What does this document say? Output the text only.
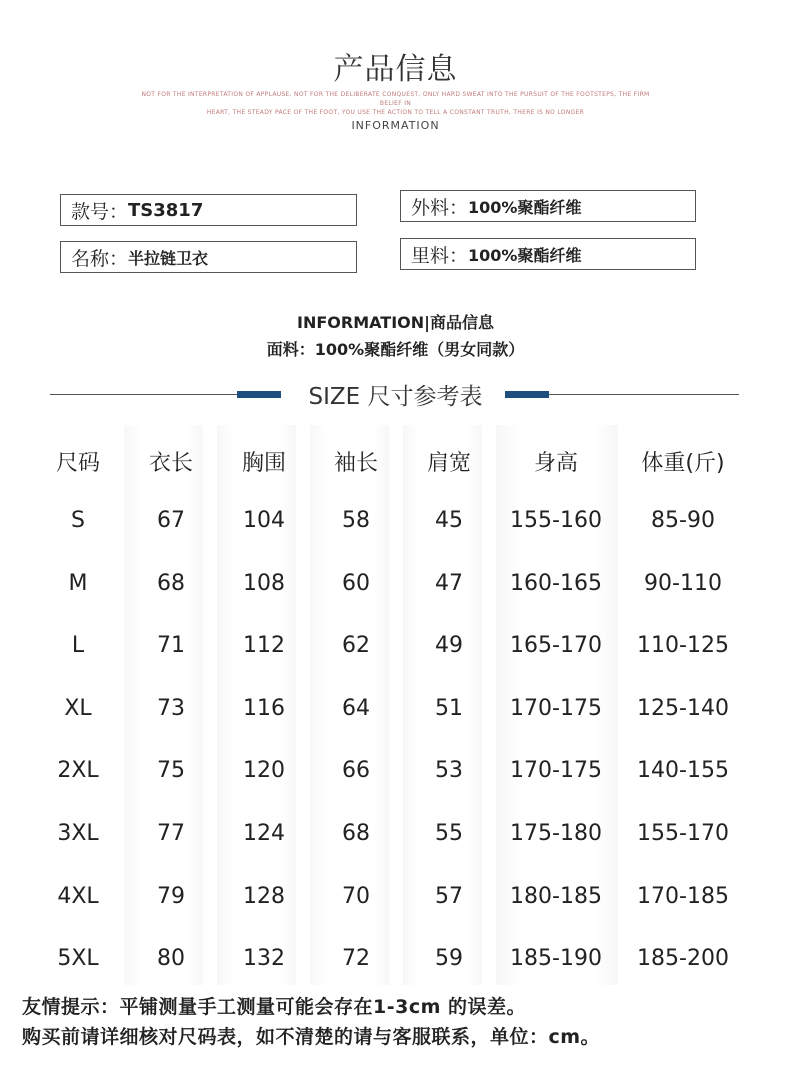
产品信息
NOT FOR THE INTERPRETATION OF APPLAUSE, NOT FOR THE DELIBERATE CONQUEST, ONLY HARD SWEAT INTO THE PURSUIT OF THE FOOTSTEPS, THE FIRM BELIEF IN
HEART, THE STEADY PACE OF THE FOOT, YOU USE THE ACTION TO TELL A CONSTANT TRUTH, THERE IS NO LONGER
INFORMATION
款号： TS3817	外料： 100%聚酯纤维
名称： 半拉链卫衣	里料： 100%聚酯纤维
INFORMATION|商品信息
面料：100%聚酯纤维（男女同款）
SIZE 尺寸参考表
尺码	衣长	胸围	袖长	肩宽	身高	体重(斤)
S	67	104	58	45	155-160	85-90
M	68	108	60	47	160-165	90-110
L	71	112	62	49	165-170	110-125
XL	73	116	64	51	170-175	125-140
2XL	75	120	66	53	170-175	140-155
3XL	77	124	68	55	175-180	155-170
4XL	79	128	70	57	180-185	170-185
5XL	80	132	72	59	185-190	185-200
友情提示：平铺测量手工测量可能会存在1-3cm 的误差。
购买前请详细核对尺码表，如不清楚的请与客服联系，单位：cm。
